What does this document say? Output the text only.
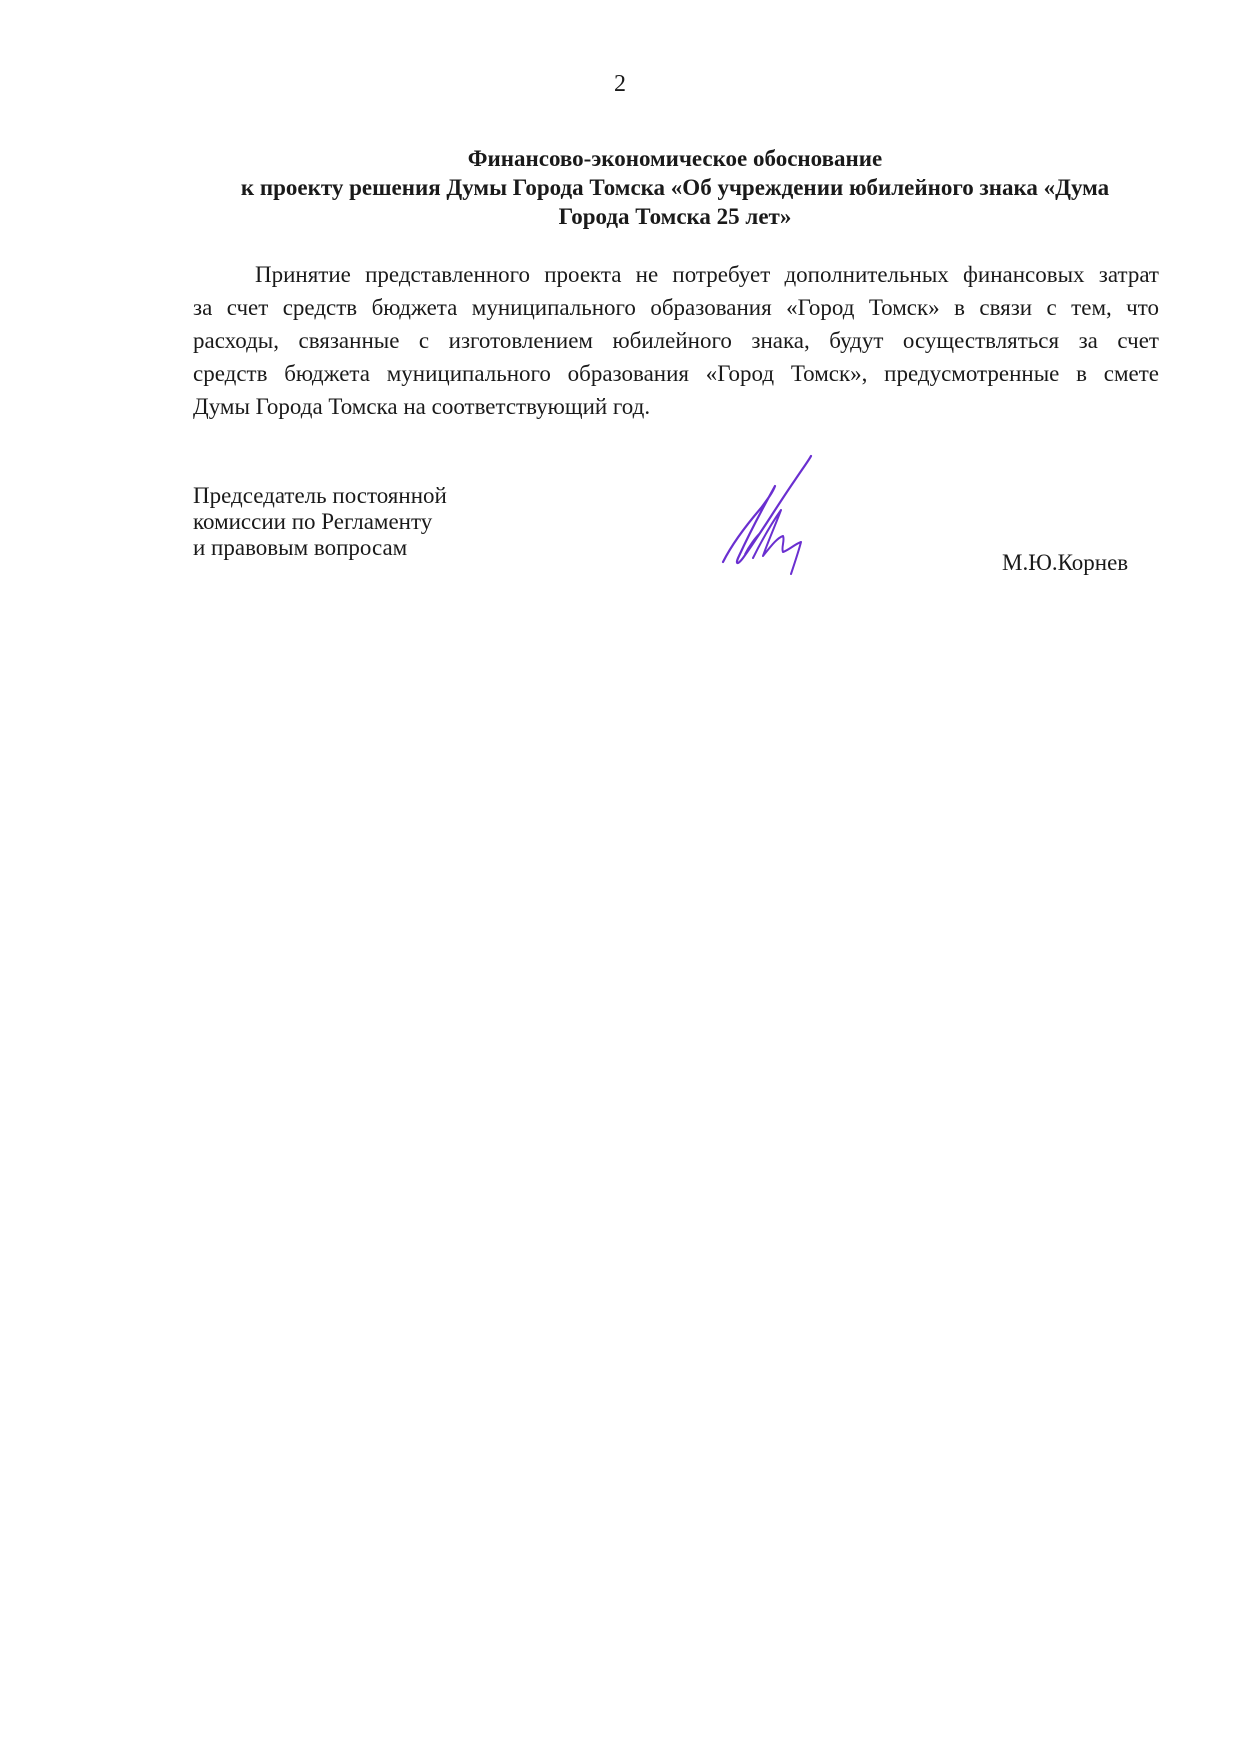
2
Финансово-экономическое обоснование
к проекту решения Думы Города Томска «Об учреждении юбилейного знака «Дума
Города Томска 25 лет»
Принятие представленного проекта не потребует дополнительных финансовых затрат
за счет средств бюджета муниципального образования «Город Томск» в связи с тем, что
расходы, связанные с изготовлением юбилейного знака, будут осуществляться за счет
средств бюджета муниципального образования «Город Томск», предусмотренные в смете
Думы Города Томска на соответствующий год.
Председатель постоянной
комиссии по Регламенту
и правовым вопросам
М.Ю.Корнев
